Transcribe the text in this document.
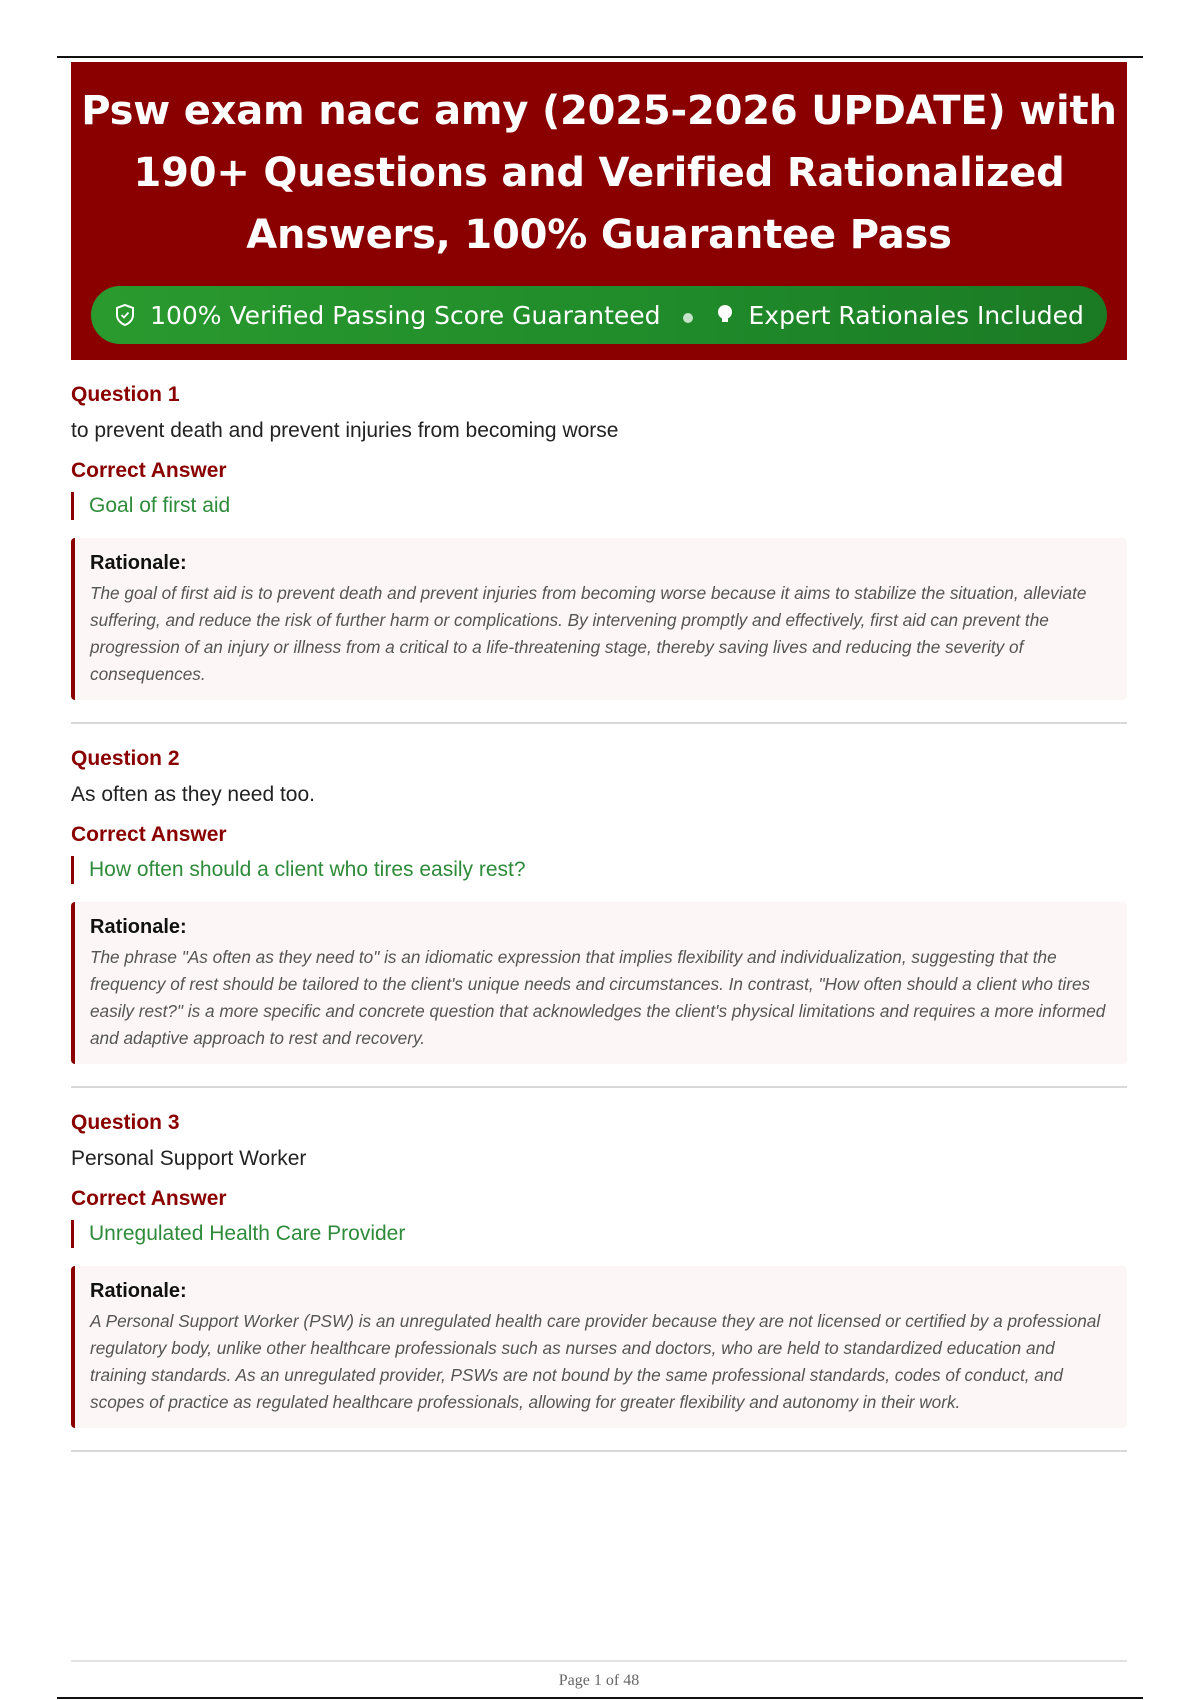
Psw exam nacc amy (2025-2026 UPDATE) with 190+ Questions and Verified Rationalized Answers, 100% Guarantee Pass
100% Verified Passing Score Guaranteed	Expert Rationales Included
Question 1
to prevent death and prevent injuries from becoming worse
Correct Answer
Goal of first aid
Rationale:
The goal of first aid is to prevent death and prevent injuries from becoming worse because it aims to stabilize the situation, alleviate suffering, and reduce the risk of further harm or complications. By intervening promptly and effectively, first aid can prevent the progression of an injury or illness from a critical to a life-threatening stage, thereby saving lives and reducing the severity of consequences.
Question 2
As often as they need too.
Correct Answer
How often should a client who tires easily rest?
Rationale:
The phrase "As often as they need to" is an idiomatic expression that implies flexibility and individualization, suggesting that the frequency of rest should be tailored to the client's unique needs and circumstances. In contrast, "How often should a client who tires easily rest?" is a more specific and concrete question that acknowledges the client's physical limitations and requires a more informed and adaptive approach to rest and recovery.
Question 3
Personal Support Worker
Correct Answer
Unregulated Health Care Provider
Rationale:
A Personal Support Worker (PSW) is an unregulated health care provider because they are not licensed or certified by a professional regulatory body, unlike other healthcare professionals such as nurses and doctors, who are held to standardized education and training standards. As an unregulated provider, PSWs are not bound by the same professional standards, codes of conduct, and scopes of practice as regulated healthcare professionals, allowing for greater flexibility and autonomy in their work.
Page 1 of 48
